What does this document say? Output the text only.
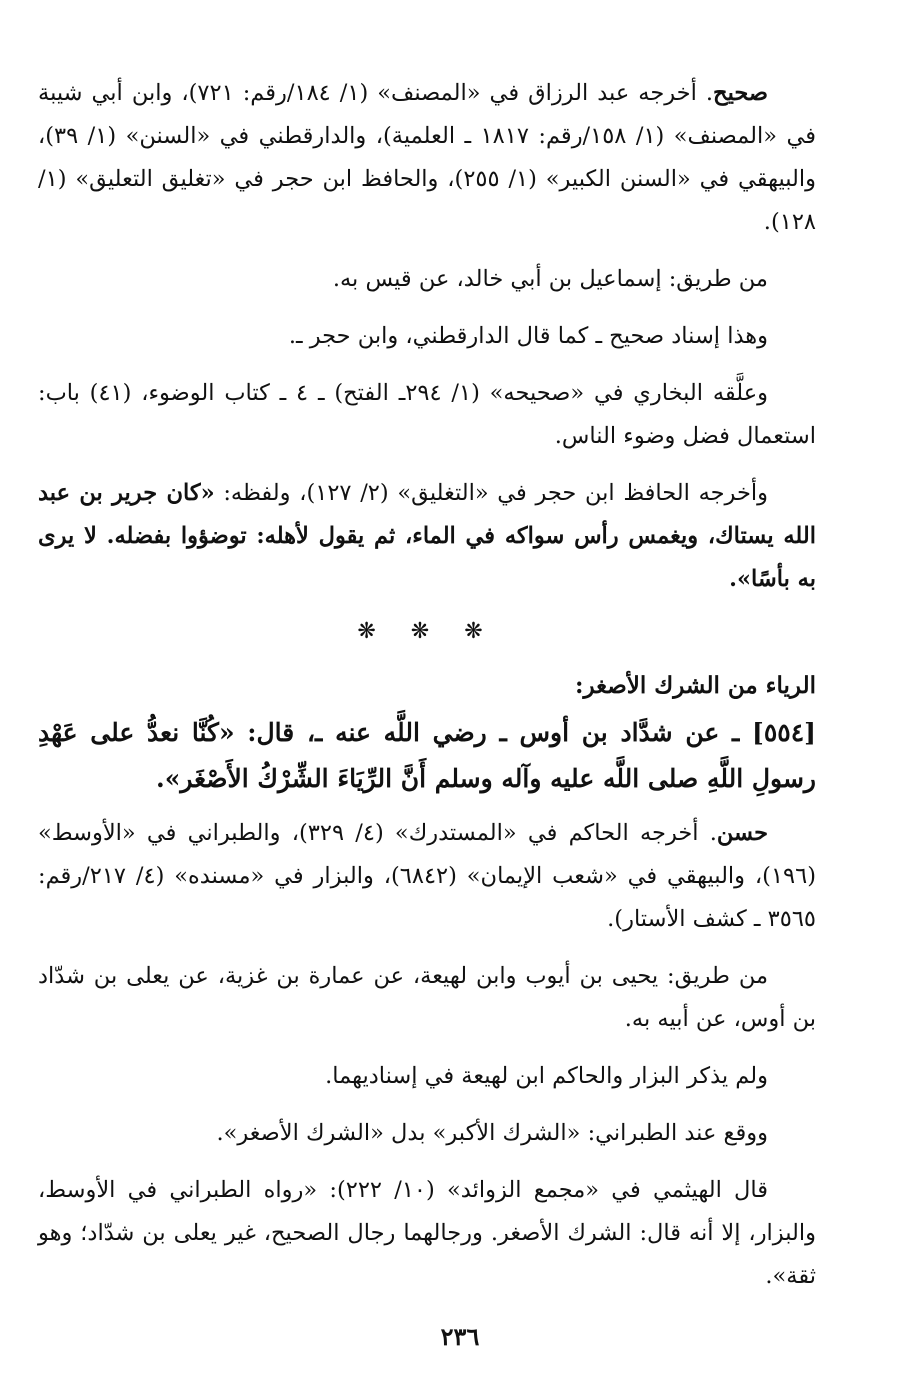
صحيح. أخرجه عبد الرزاق في «المصنف» (١/ ١٨٤/رقم: ٧٢١)، وابن أبي شيبة في «المصنف» (١/ ١٥٨/رقم: ١٨١٧ ـ العلمية)، والدارقطني في «السنن» (١/ ٣٩)، والبيهقي في «السنن الكبير» (١/ ٢٥٥)، والحافظ ابن حجر في «تغليق التعليق» (١/ ١٢٨).

من طريق: إسماعيل بن أبي خالد، عن قيس به.

وهذا إسناد صحيح ـ كما قال الدارقطني، وابن حجر ـ.

وعلَّقه البخاري في «صحيحه» (١/ ٢٩٤ـ الفتح) ـ ٤ ـ كتاب الوضوء، (٤١) باب: استعمال فضل وضوء الناس.

وأخرجه الحافظ ابن حجر في «التغليق» (٢/ ١٢٧)، ولفظه: «كان جرير بن عبد الله يستاك، ويغمس رأس سواكه في الماء، ثم يقول لأهله: توضؤوا بفضله. لا يرى به بأسًا».

❋ ❋ ❋
الرياء من الشرك الأصغر:

[٥٥٤] ـ عن شدَّاد بن أوس ـ رضي اللَّه عنه ـ، قال: «كُنَّا نعدُّ على عَهْدِ رسولِ اللَّهِ صلى اللَّه عليه وآله وسلم أَنَّ الرِّيَاءَ الشِّرْكُ الأَصْغَر».

حسن. أخرجه الحاكم في «المستدرك» (٤/ ٣٢٩)، والطبراني في «الأوسط» (١٩٦)، والبيهقي في «شعب الإيمان» (٦٨٤٢)، والبزار في «مسنده» (٤/ ٢١٧/رقم: ٣٥٦٥ ـ كشف الأستار).

من طريق: يحيى بن أيوب وابن لهيعة، عن عمارة بن غزية، عن يعلى بن شدّاد بن أوس، عن أبيه به.

ولم يذكر البزار والحاكم ابن لهيعة في إسناديهما.

ووقع عند الطبراني: «الشرك الأكبر» بدل «الشرك الأصغر».

قال الهيثمي في «مجمع الزوائد» (١٠/ ٢٢٢): «رواه الطبراني في الأوسط، والبزار، إلا أنه قال: الشرك الأصغر. ورجالهما رجال الصحيح، غير يعلى بن شدّاد؛ وهو ثقة».

٢٣٦
